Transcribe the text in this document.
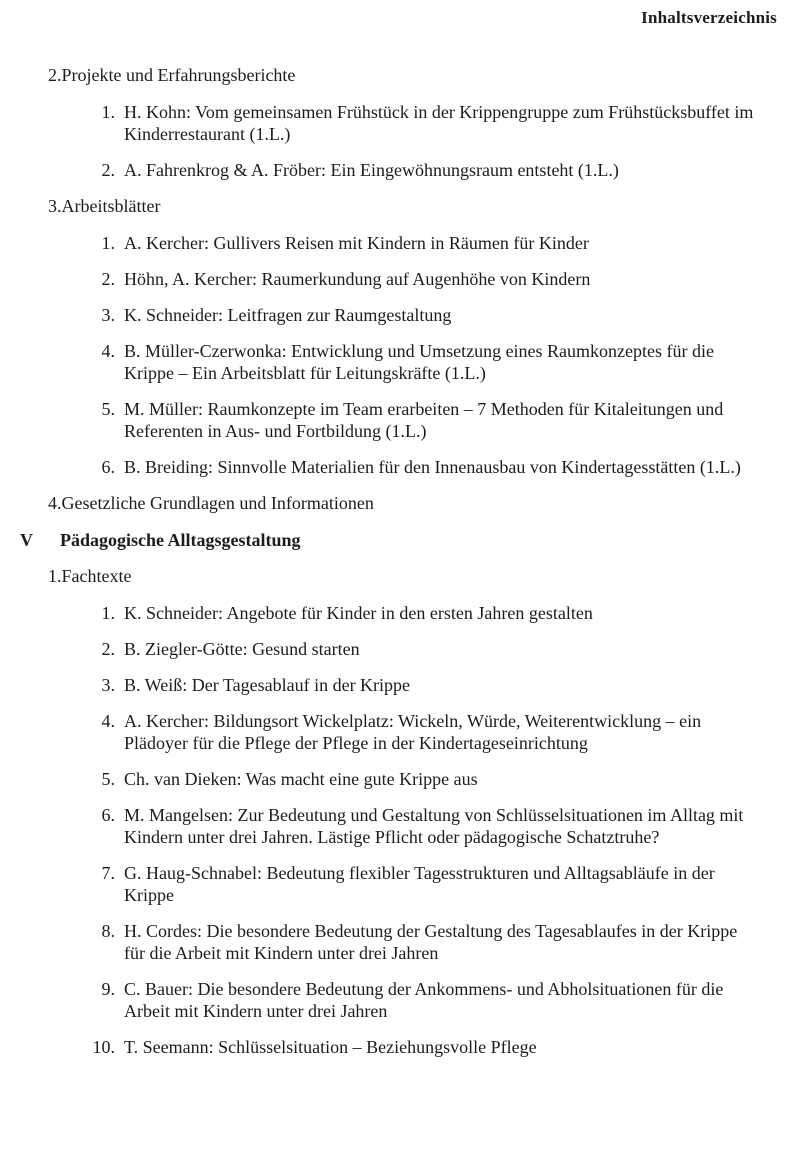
Inhaltsverzeichnis
2. Projekte und Erfahrungsberichte
1. H. Kohn: Vom gemeinsamen Frühstück in der Krippengruppe zum Frühstücksbuffet im Kinderrestaurant (1.L.)
2. A. Fahrenkrog & A. Fröber: Ein Eingewöhnungsraum entsteht (1.L.)
3. Arbeitsblätter
1. A. Kercher: Gullivers Reisen mit Kindern in Räumen für Kinder
2. Höhn, A. Kercher: Raumerkundung auf Augenhöhe von Kindern
3. K. Schneider: Leitfragen zur Raumgestaltung
4. B. Müller-Czerwonka: Entwicklung und Umsetzung eines Raumkonzeptes für die Krippe – Ein Arbeitsblatt für Leitungskräfte (1.L.)
5. M. Müller: Raumkonzepte im Team erarbeiten – 7 Methoden für Kitaleitungen und Referenten in Aus- und Fortbildung (1.L.)
6. B. Breiding: Sinnvolle Materialien für den Innenausbau von Kindertagesstätten (1.L.)
4. Gesetzliche Grundlagen und Informationen
V	Pädagogische Alltagsgestaltung
1. Fachtexte
1. K. Schneider: Angebote für Kinder in den ersten Jahren gestalten
2. B. Ziegler-Götte: Gesund starten
3. B. Weiß: Der Tagesablauf in der Krippe
4. A. Kercher: Bildungsort Wickelplatz: Wickeln, Würde, Weiterentwicklung – ein Plädoyer für die Pflege der Pflege in der Kindertageseinrichtung
5. Ch. van Dieken: Was macht eine gute Krippe aus
6. M. Mangelsen: Zur Bedeutung und Gestaltung von Schlüsselsituationen im Alltag mit Kindern unter drei Jahren. Lästige Pflicht oder pädagogische Schatztruhe?
7. G. Haug-Schnabel: Bedeutung flexibler Tagesstrukturen und Alltagsabläufe in der Krippe
8. H. Cordes: Die besondere Bedeutung der Gestaltung des Tagesablaufes in der Krippe für die Arbeit mit Kindern unter drei Jahren
9. C. Bauer: Die besondere Bedeutung der Ankommens- und Abholsituationen für die Arbeit mit Kindern unter drei Jahren
10. T. Seemann: Schlüsselsituation – Beziehungsvolle Pflege
